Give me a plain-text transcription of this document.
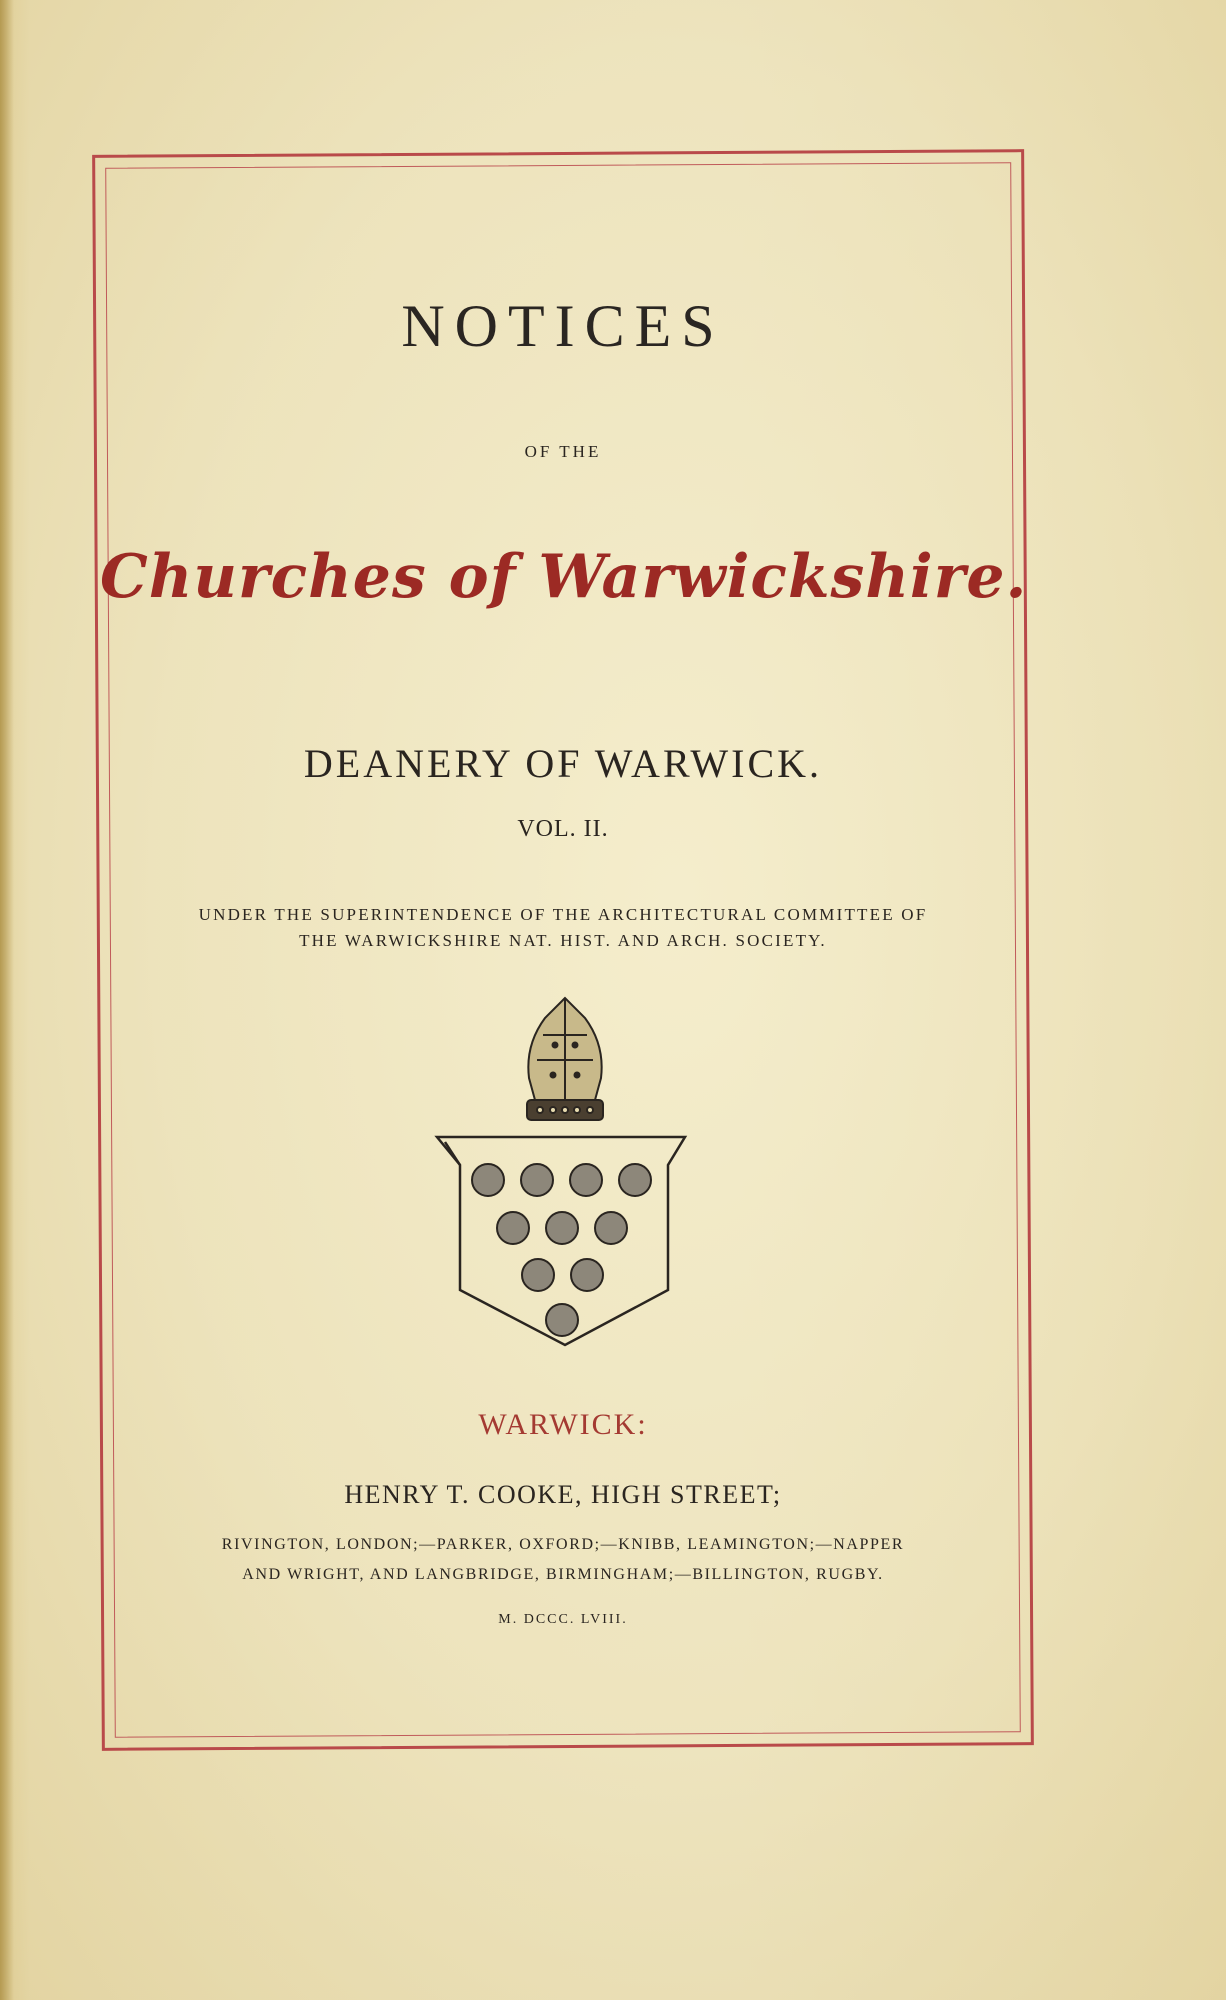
NOTICES
OF THE
Churches of Warwickshire.
DEANERY OF WARWICK.
VOL. II.
UNDER THE SUPERINTENDENCE OF THE ARCHITECTURAL COMMITTEE OF
THE WARWICKSHIRE NAT. HIST. AND ARCH. SOCIETY.
WARWICK:
HENRY T. COOKE, HIGH STREET;
RIVINGTON, LONDON;—PARKER, OXFORD;—KNIBB, LEAMINGTON;—NAPPER
AND WRIGHT, AND LANGBRIDGE, BIRMINGHAM;—BILLINGTON, RUGBY.
M. DCCC. LVIII.
